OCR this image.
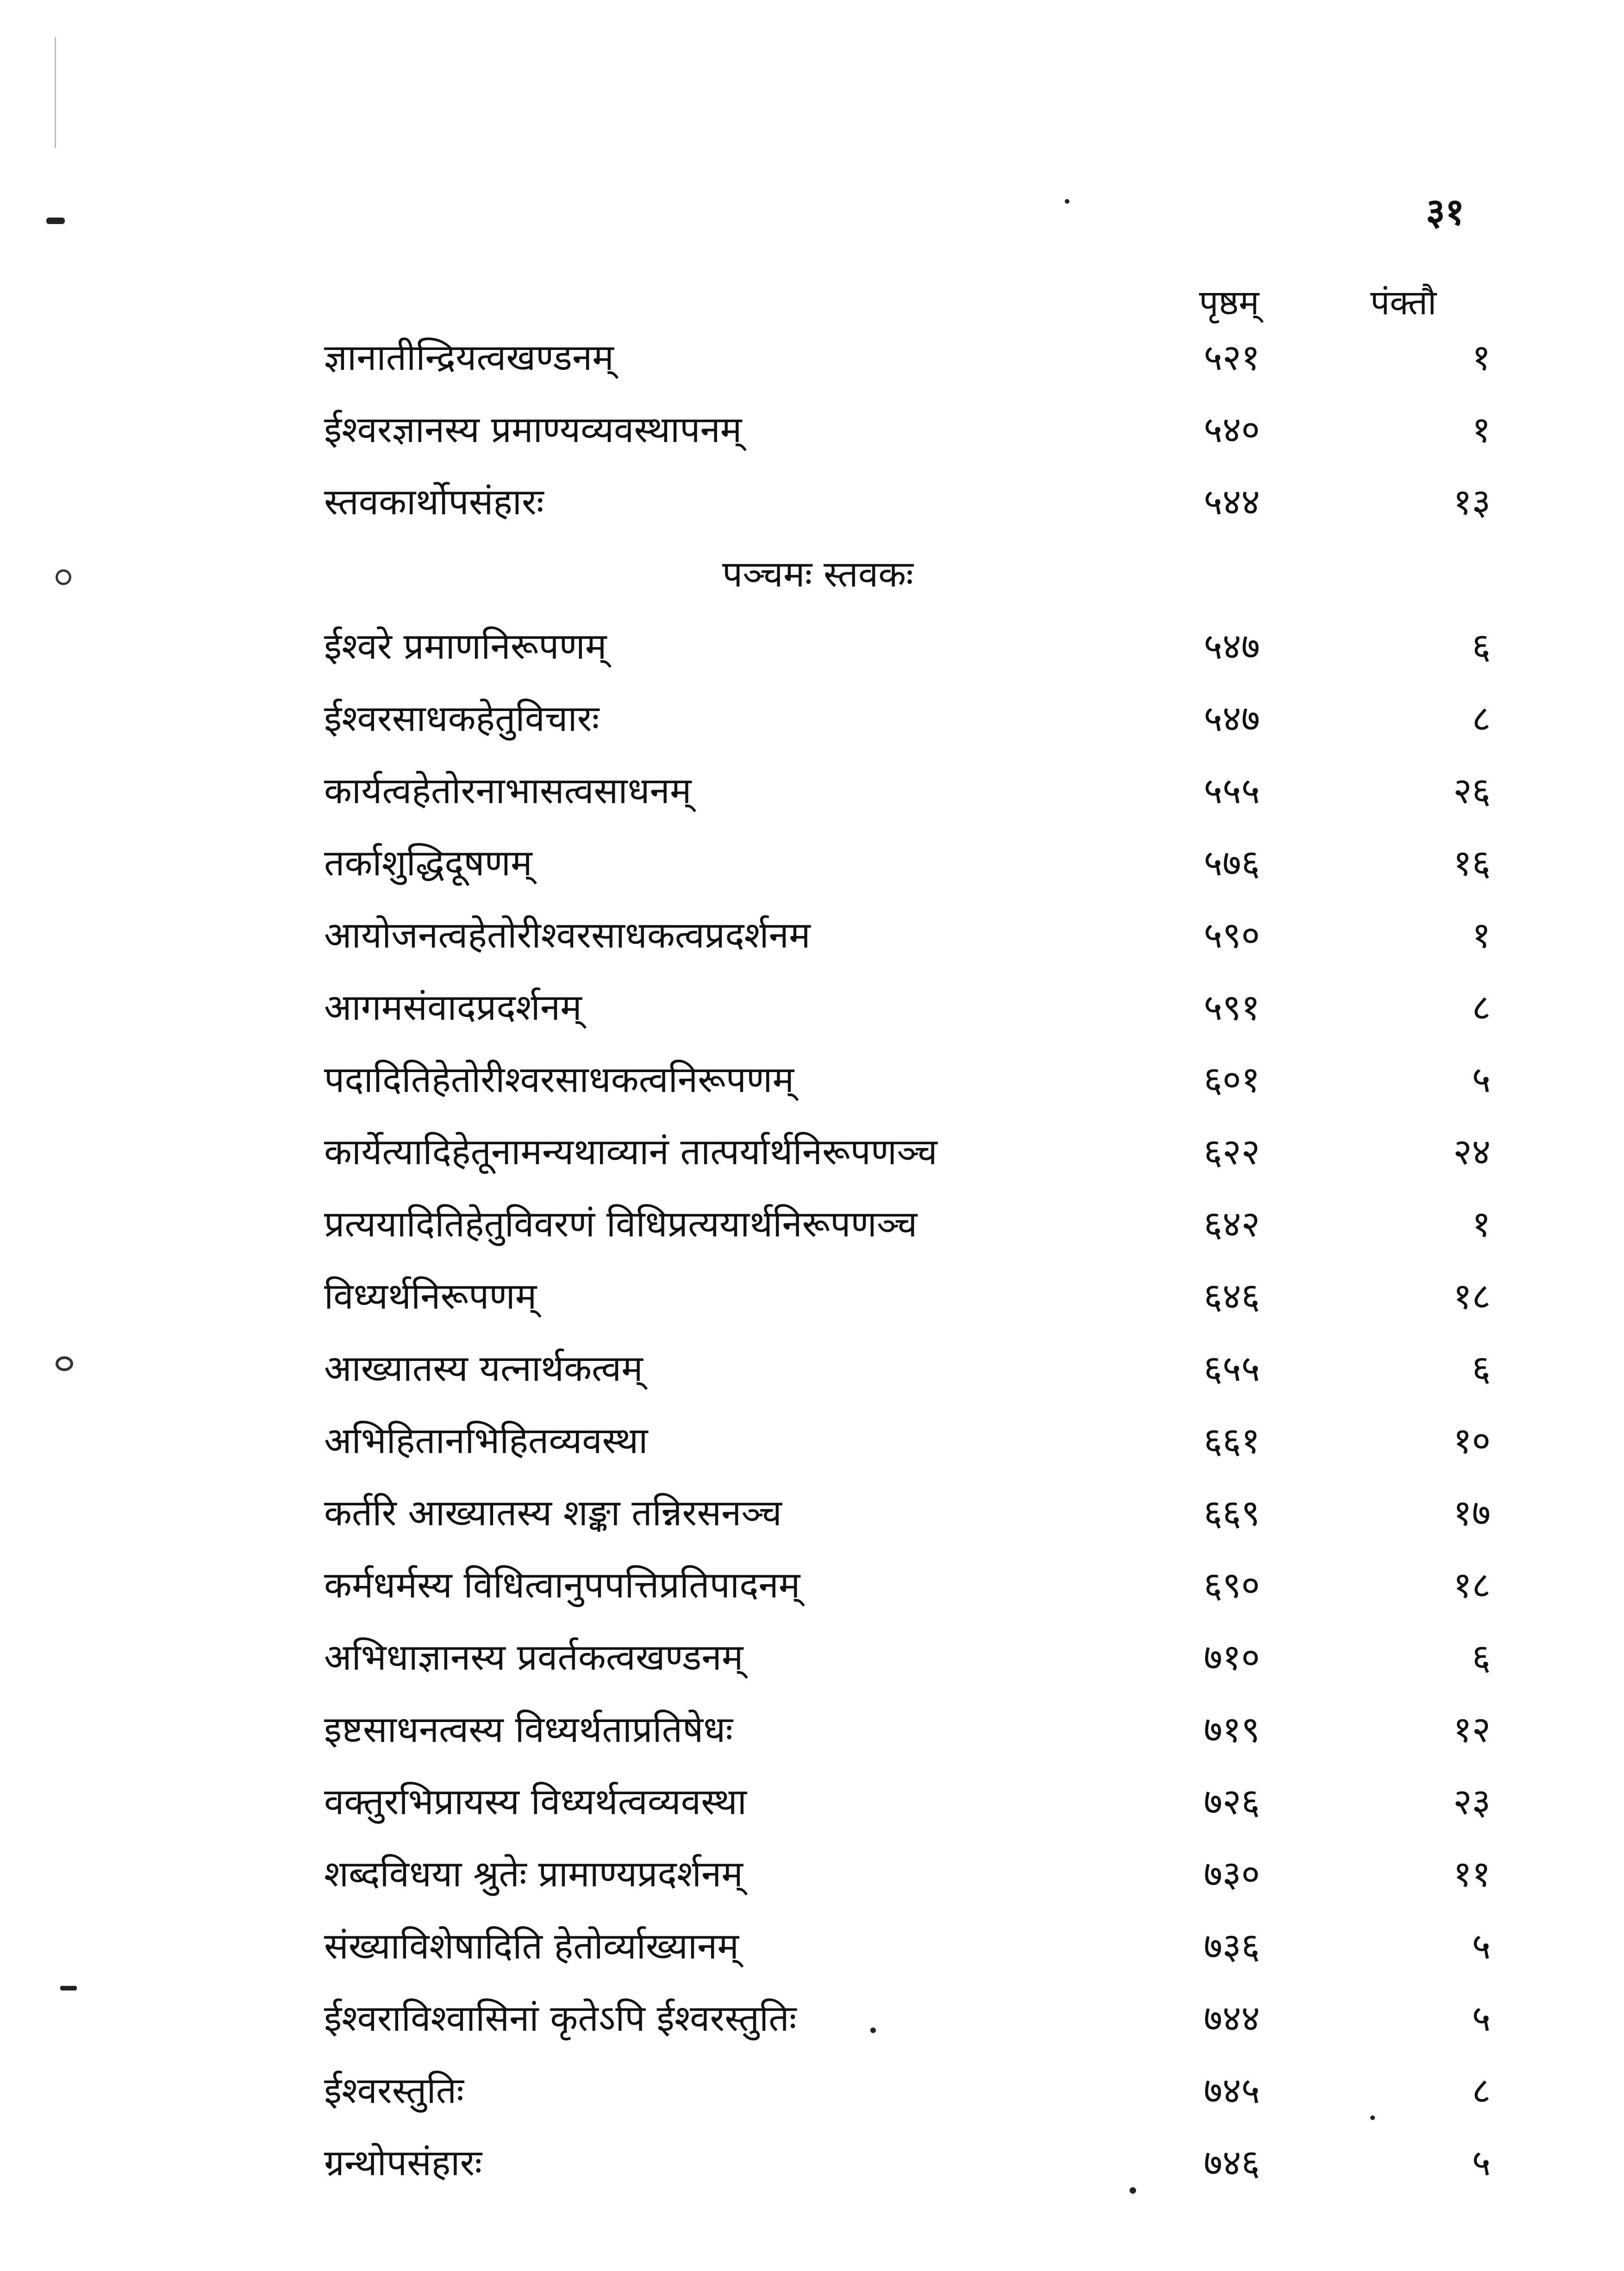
३१
पृष्ठम्	पंक्तौ
ज्ञानातीन्द्रियत्वखण्डनम्	५२१	१
ईश्वरज्ञानस्य प्रमाण्यव्यवस्थापनम्	५४०	१
स्तवकार्थोपसंहारः	५४४	१३
पञ्चमः स्तवकः
ईश्वरे प्रमाणनिरूपणम्	५४७	६
ईश्वरसाधकहेतुविचारः	५४७	८
कार्यत्वहेतोरनाभासत्वसाधनम्	५५५	२६
तर्काशुद्धिदूषणम्	५७६	१६
आयोजनत्वहेतोरीश्वरसाधकत्वप्रदर्शनम	५९०	१
आगमसंवादप्रदर्शनम्	५९१	८
पदादितिहेतोरीश्वरसाधकत्वनिरूपणम्	६०१	५
कार्येत्यादिहेतूनामन्यथाव्यानं तात्पर्यार्थनिरूपणञ्च	६२२	२४
प्रत्ययादितिहेतुविवरणं विधिप्रत्ययार्थनिरूपणञ्च	६४२	१
विध्यर्थनिरूपणम्	६४६	१८
आख्यातस्य यत्नार्थकत्वम्	६५५	६
अभिहितानभिहितव्यवस्था	६६१	१०
कर्तरि आख्यातस्य शङ्का तन्निरसनञ्च	६६९	१७
कर्मधर्मस्य विधित्वानुपपत्तिप्रतिपादनम्	६९०	१८
अभिधाज्ञानस्य प्रवर्तकत्वखण्डनम्	७१०	६
इष्टसाधनत्वस्य विध्यर्थताप्रतिषेधः	७१९	१२
वक्तुरभिप्रायस्य विध्यर्थत्वव्यवस्था	७२६	२३
शब्दविधया श्रुतेः प्रामाण्यप्रदर्शनम्	७३०	११
संख्याविशेषादिति हेतोर्व्याख्यानम्	७३६	५
ईश्वराविश्वासिनां कृतेऽपि ईश्वरस्तुतिः	७४४	५
ईश्वरस्तुतिः	७४५	८
ग्रन्थोपसंहारः	७४६	५
